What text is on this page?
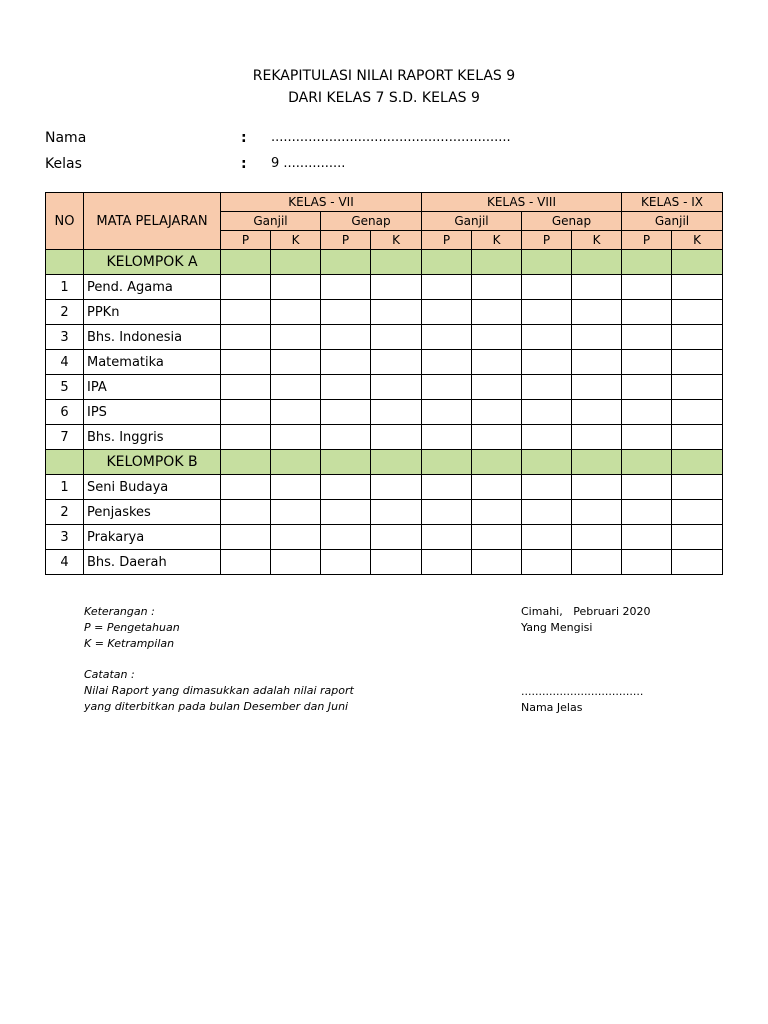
REKAPITULASI NILAI RAPORT KELAS 9
DARI KELAS 7 S.D. KELAS 9
Nama	: ..........................................................
Kelas	: 9 ...............
NO	MATA PELAJARAN	KELAS - VII				KELAS - VIII				KELAS - IX	
		Ganjil		Genap		Ganjil		Genap		Ganjil	
		P	K	P	K	P	K	P	K	P	K
	KELOMPOK A										
1	Pend. Agama										
2	PPKn										
3	Bhs. Indonesia										
4	Matematika										
5	IPA										
6	IPS										
7	Bhs. Inggris										
	KELOMPOK B										
1	Seni Budaya										
2	Penjaskes										
3	Prakarya										
4	Bhs. Daerah										
Keterangan :
P = Pengetahuan
K = Ketrampilan
Catatan :
Nilai Raport yang dimasukkan adalah nilai raport
yang diterbitkan pada bulan Desember dan Juni
Cimahi,   Pebruari 2020
Yang Mengisi
...................................
Nama Jelas
